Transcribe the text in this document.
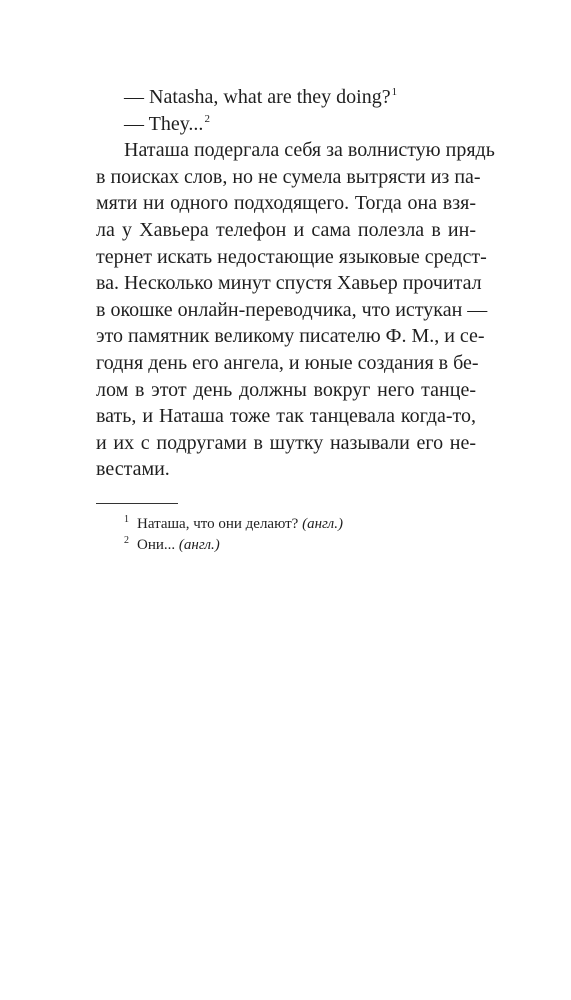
— Natasha, what are they doing?$^1$
— They...$^2$
Наташа подергала себя за волнистую прядь
в поисках слов, но не сумела вытрясти из па-
мяти ни одного подходящего. Тогда она взя-
ла у Хавьера телефон и сама полезла в ин-
тернет искать недостающие языковые средст-
ва. Несколько минут спустя Хавьер прочитал
в окошке онлайн-переводчика, что истукан —
это памятник великому писателю Ф. М., и се-
годня день его ангела, и юные создания в бе-
лом в этот день должны вокруг него танце-
вать, и Наташа тоже так танцевала когда-то,
и их с подругами в шутку называли его не-
вестами.
$^1$ Наташа, что они делают? (англ.)
$^2$ Они... (англ.)
